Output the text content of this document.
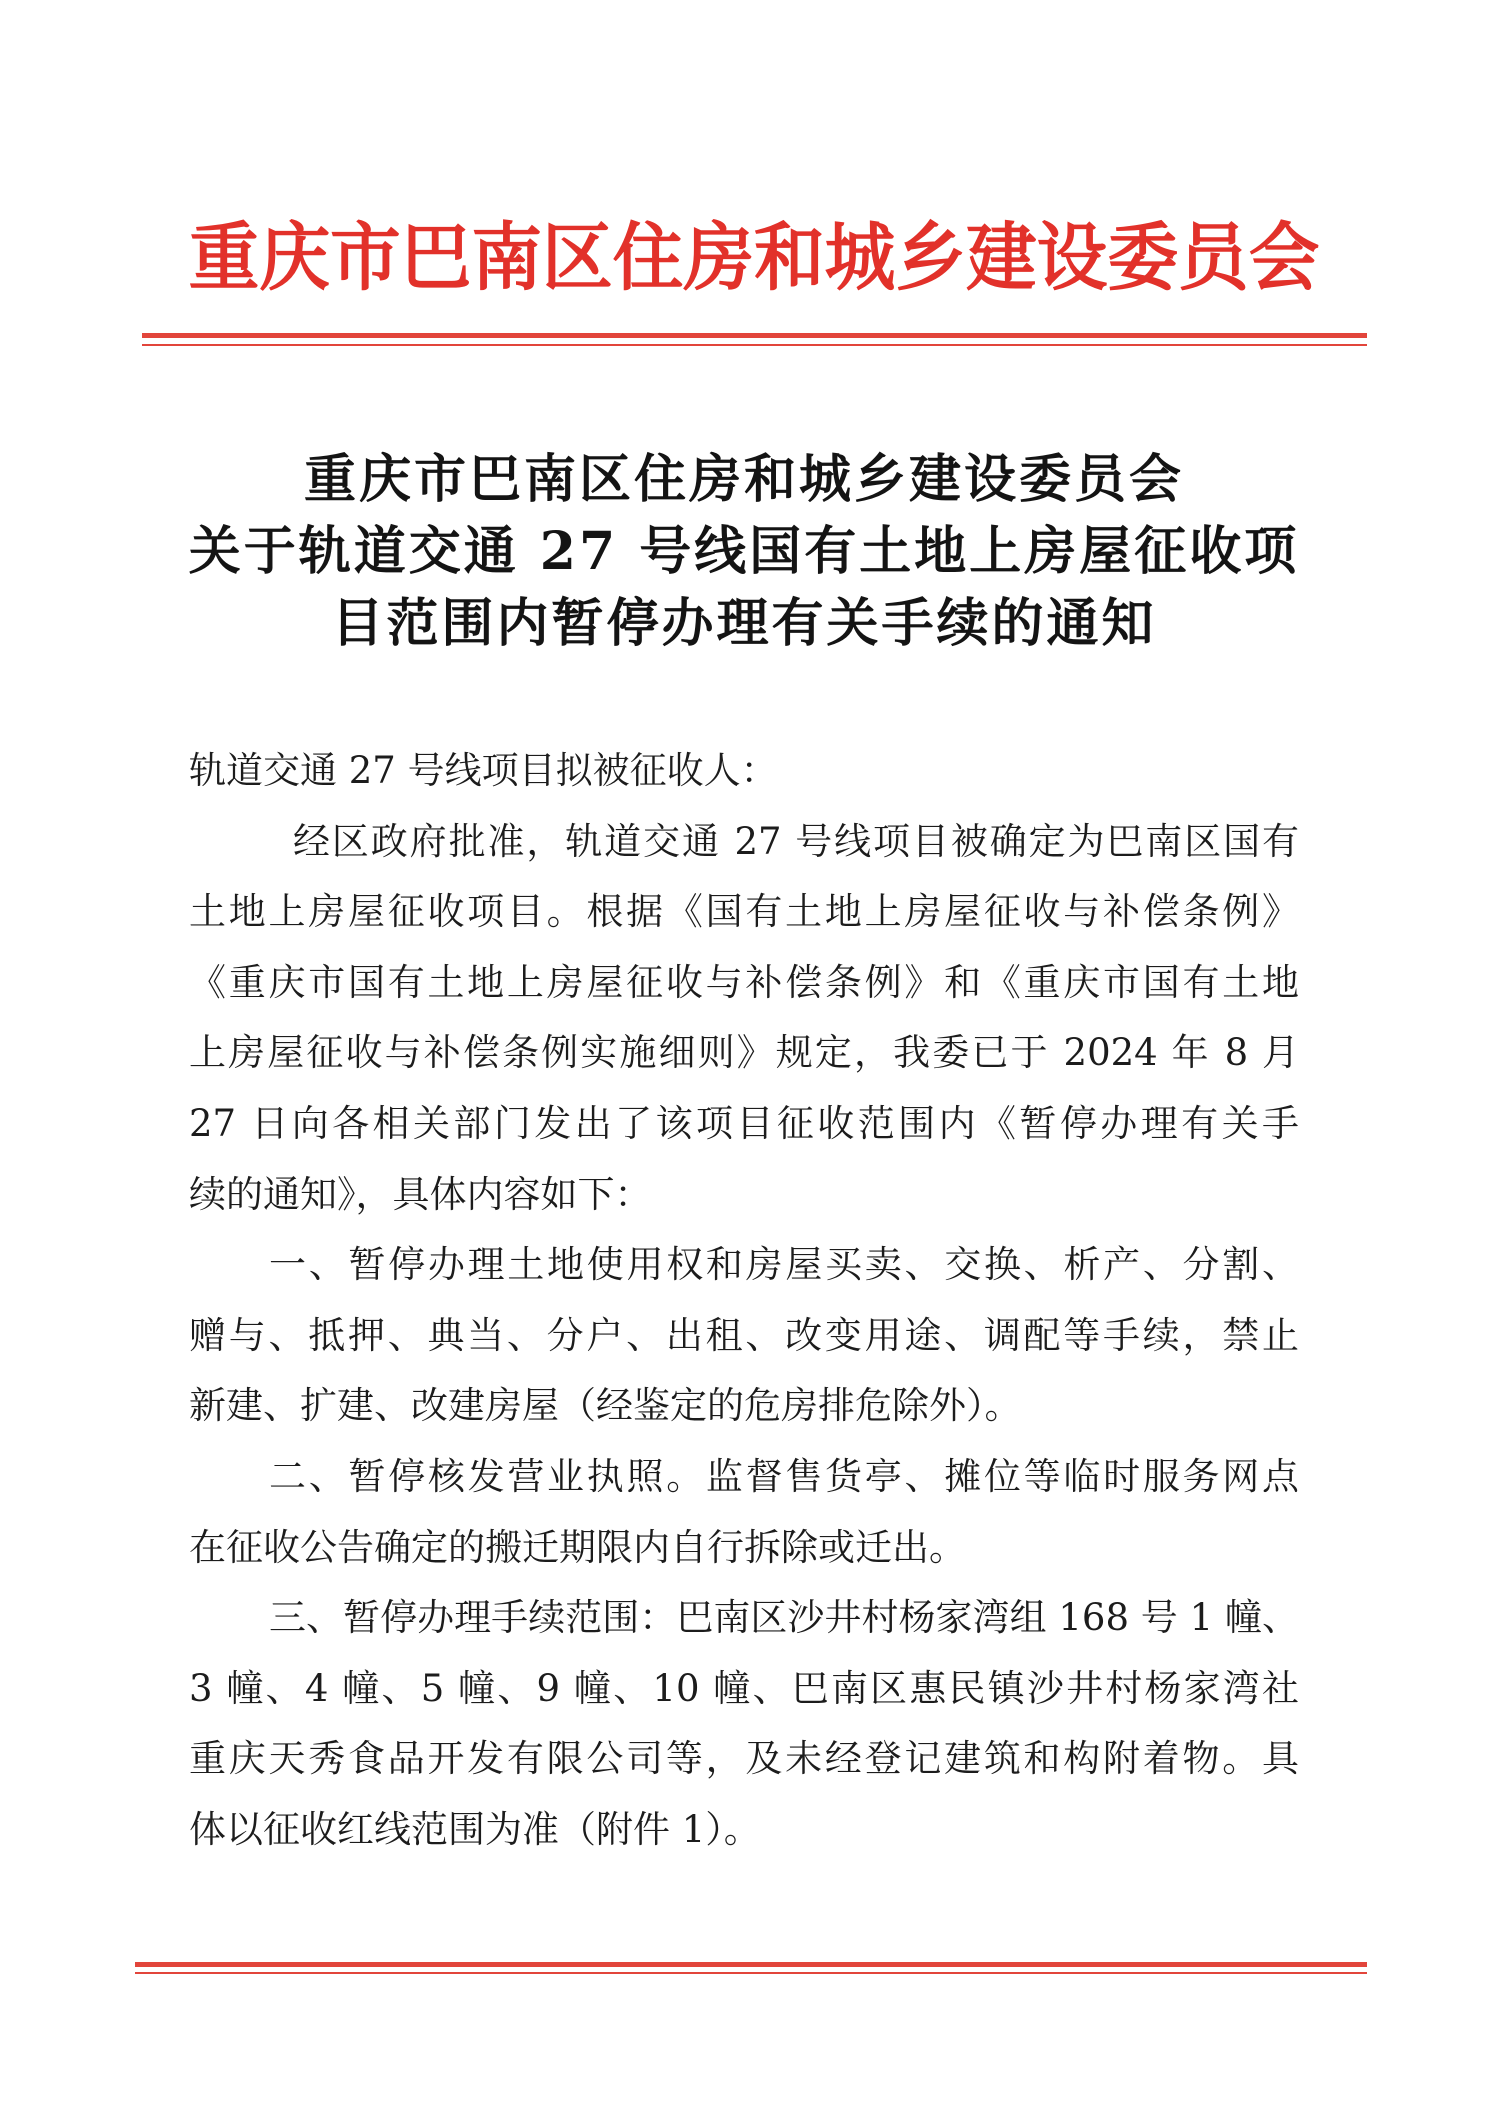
重庆市巴南区住房和城乡建设委员会
重庆市巴南区住房和城乡建设委员会
关于轨道交通 27 号线国有土地上房屋征收项
目范围内暂停办理有关手续的通知
轨道交通 27 号线项目拟被征收人：
经区政府批准，轨道交通 27 号线项目被确定为巴南区国有
土地上房屋征收项目。根据《国有土地上房屋征收与补偿条例》
《重庆市国有土地上房屋征收与补偿条例》和《重庆市国有土地
上房屋征收与补偿条例实施细则》规定，我委已于 2024 年 8 月
27 日向各相关部门发出了该项目征收范围内《暂停办理有关手
续的通知》，具体内容如下：
一、暂停办理土地使用权和房屋买卖、交换、析产、分割、
赠与、抵押、典当、分户、出租、改变用途、调配等手续，禁止
新建、扩建、改建房屋（经鉴定的危房排危除外）。
二、暂停核发营业执照。监督售货亭、摊位等临时服务网点
在征收公告确定的搬迁期限内自行拆除或迁出。
三、暂停办理手续范围：巴南区沙井村杨家湾组 168 号 1 幢、
3 幢、4 幢、5 幢、9 幢、10 幢、巴南区惠民镇沙井村杨家湾社
重庆天秀食品开发有限公司等，及未经登记建筑和构附着物。具
体以征收红线范围为准（附件 1）。
